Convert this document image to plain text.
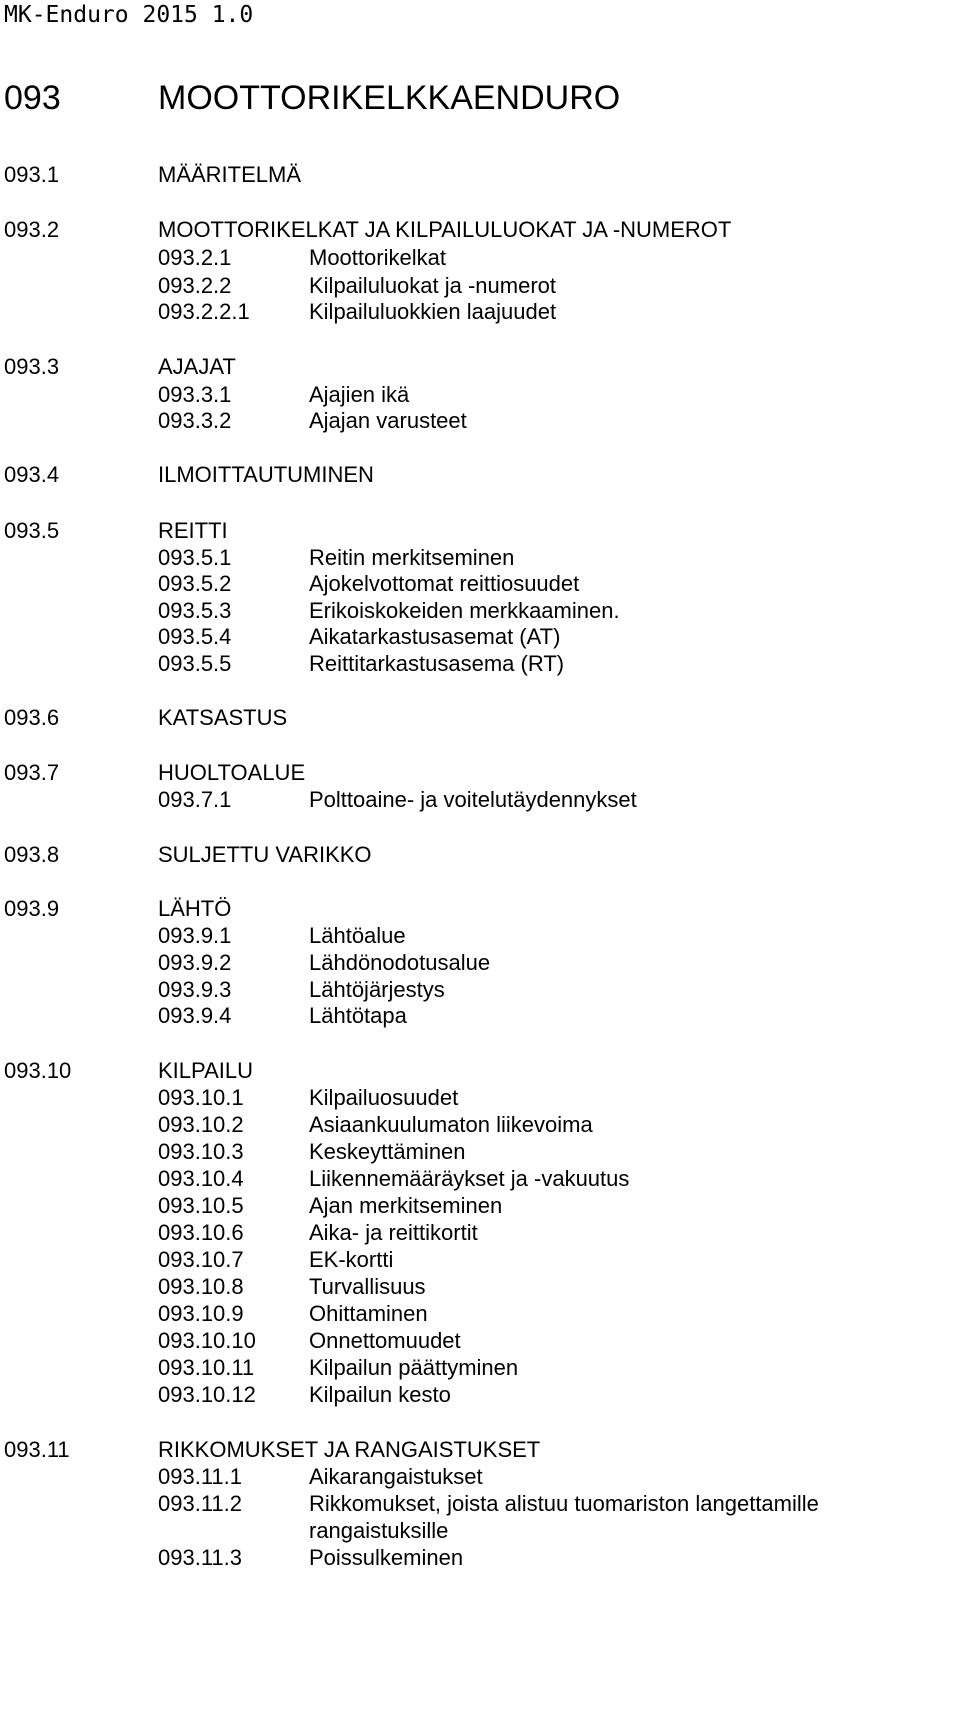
MK-Enduro 2015 1.0
093	MOOTTORIKELKKAENDURO
093.1	MÄÄRITELMÄ
093.2	MOOTTORIKELKAT JA KILPAILULUOKAT JA -NUMEROT
093.2.1	Moottorikelkat
093.2.2	Kilpailuluokat ja -numerot
093.2.2.1	Kilpailuluokkien laajuudet
093.3	AJAJAT
093.3.1	Ajajien ikä
093.3.2	Ajajan varusteet
093.4	ILMOITTAUTUMINEN
093.5	REITTI
093.5.1	Reitin merkitseminen
093.5.2	Ajokelvottomat reittiosuudet
093.5.3	Erikoiskokeiden merkkaaminen.
093.5.4	Aikatarkastusasemat (AT)
093.5.5	Reittitarkastusasema (RT)
093.6	KATSASTUS
093.7	HUOLTOALUE
093.7.1	Polttoaine- ja voitelutäydennykset
093.8	SULJETTU VARIKKO
093.9	LÄHTÖ
093.9.1	Lähtöalue
093.9.2	Lähdönodotusalue
093.9.3	Lähtöjärjestys
093.9.4	Lähtötapa
093.10	KILPAILU
093.10.1	Kilpailuosuudet
093.10.2	Asiaankuulumaton liikevoima
093.10.3	Keskeyttäminen
093.10.4	Liikennemääräykset ja -vakuutus
093.10.5	Ajan merkitseminen
093.10.6	Aika- ja reittikortit
093.10.7	EK-kortti
093.10.8	Turvallisuus
093.10.9	Ohittaminen
093.10.10 Onnettomuudet
093.10.11 Kilpailun päättyminen
093.10.12 Kilpailun kesto
093.11	RIKKOMUKSET JA RANGAISTUKSET
093.11.1	Aikarangaistukset
093.11.2	Rikkomukset, joista alistuu tuomariston langettamille
rangaistuksille
093.11.3	Poissulkeminen
